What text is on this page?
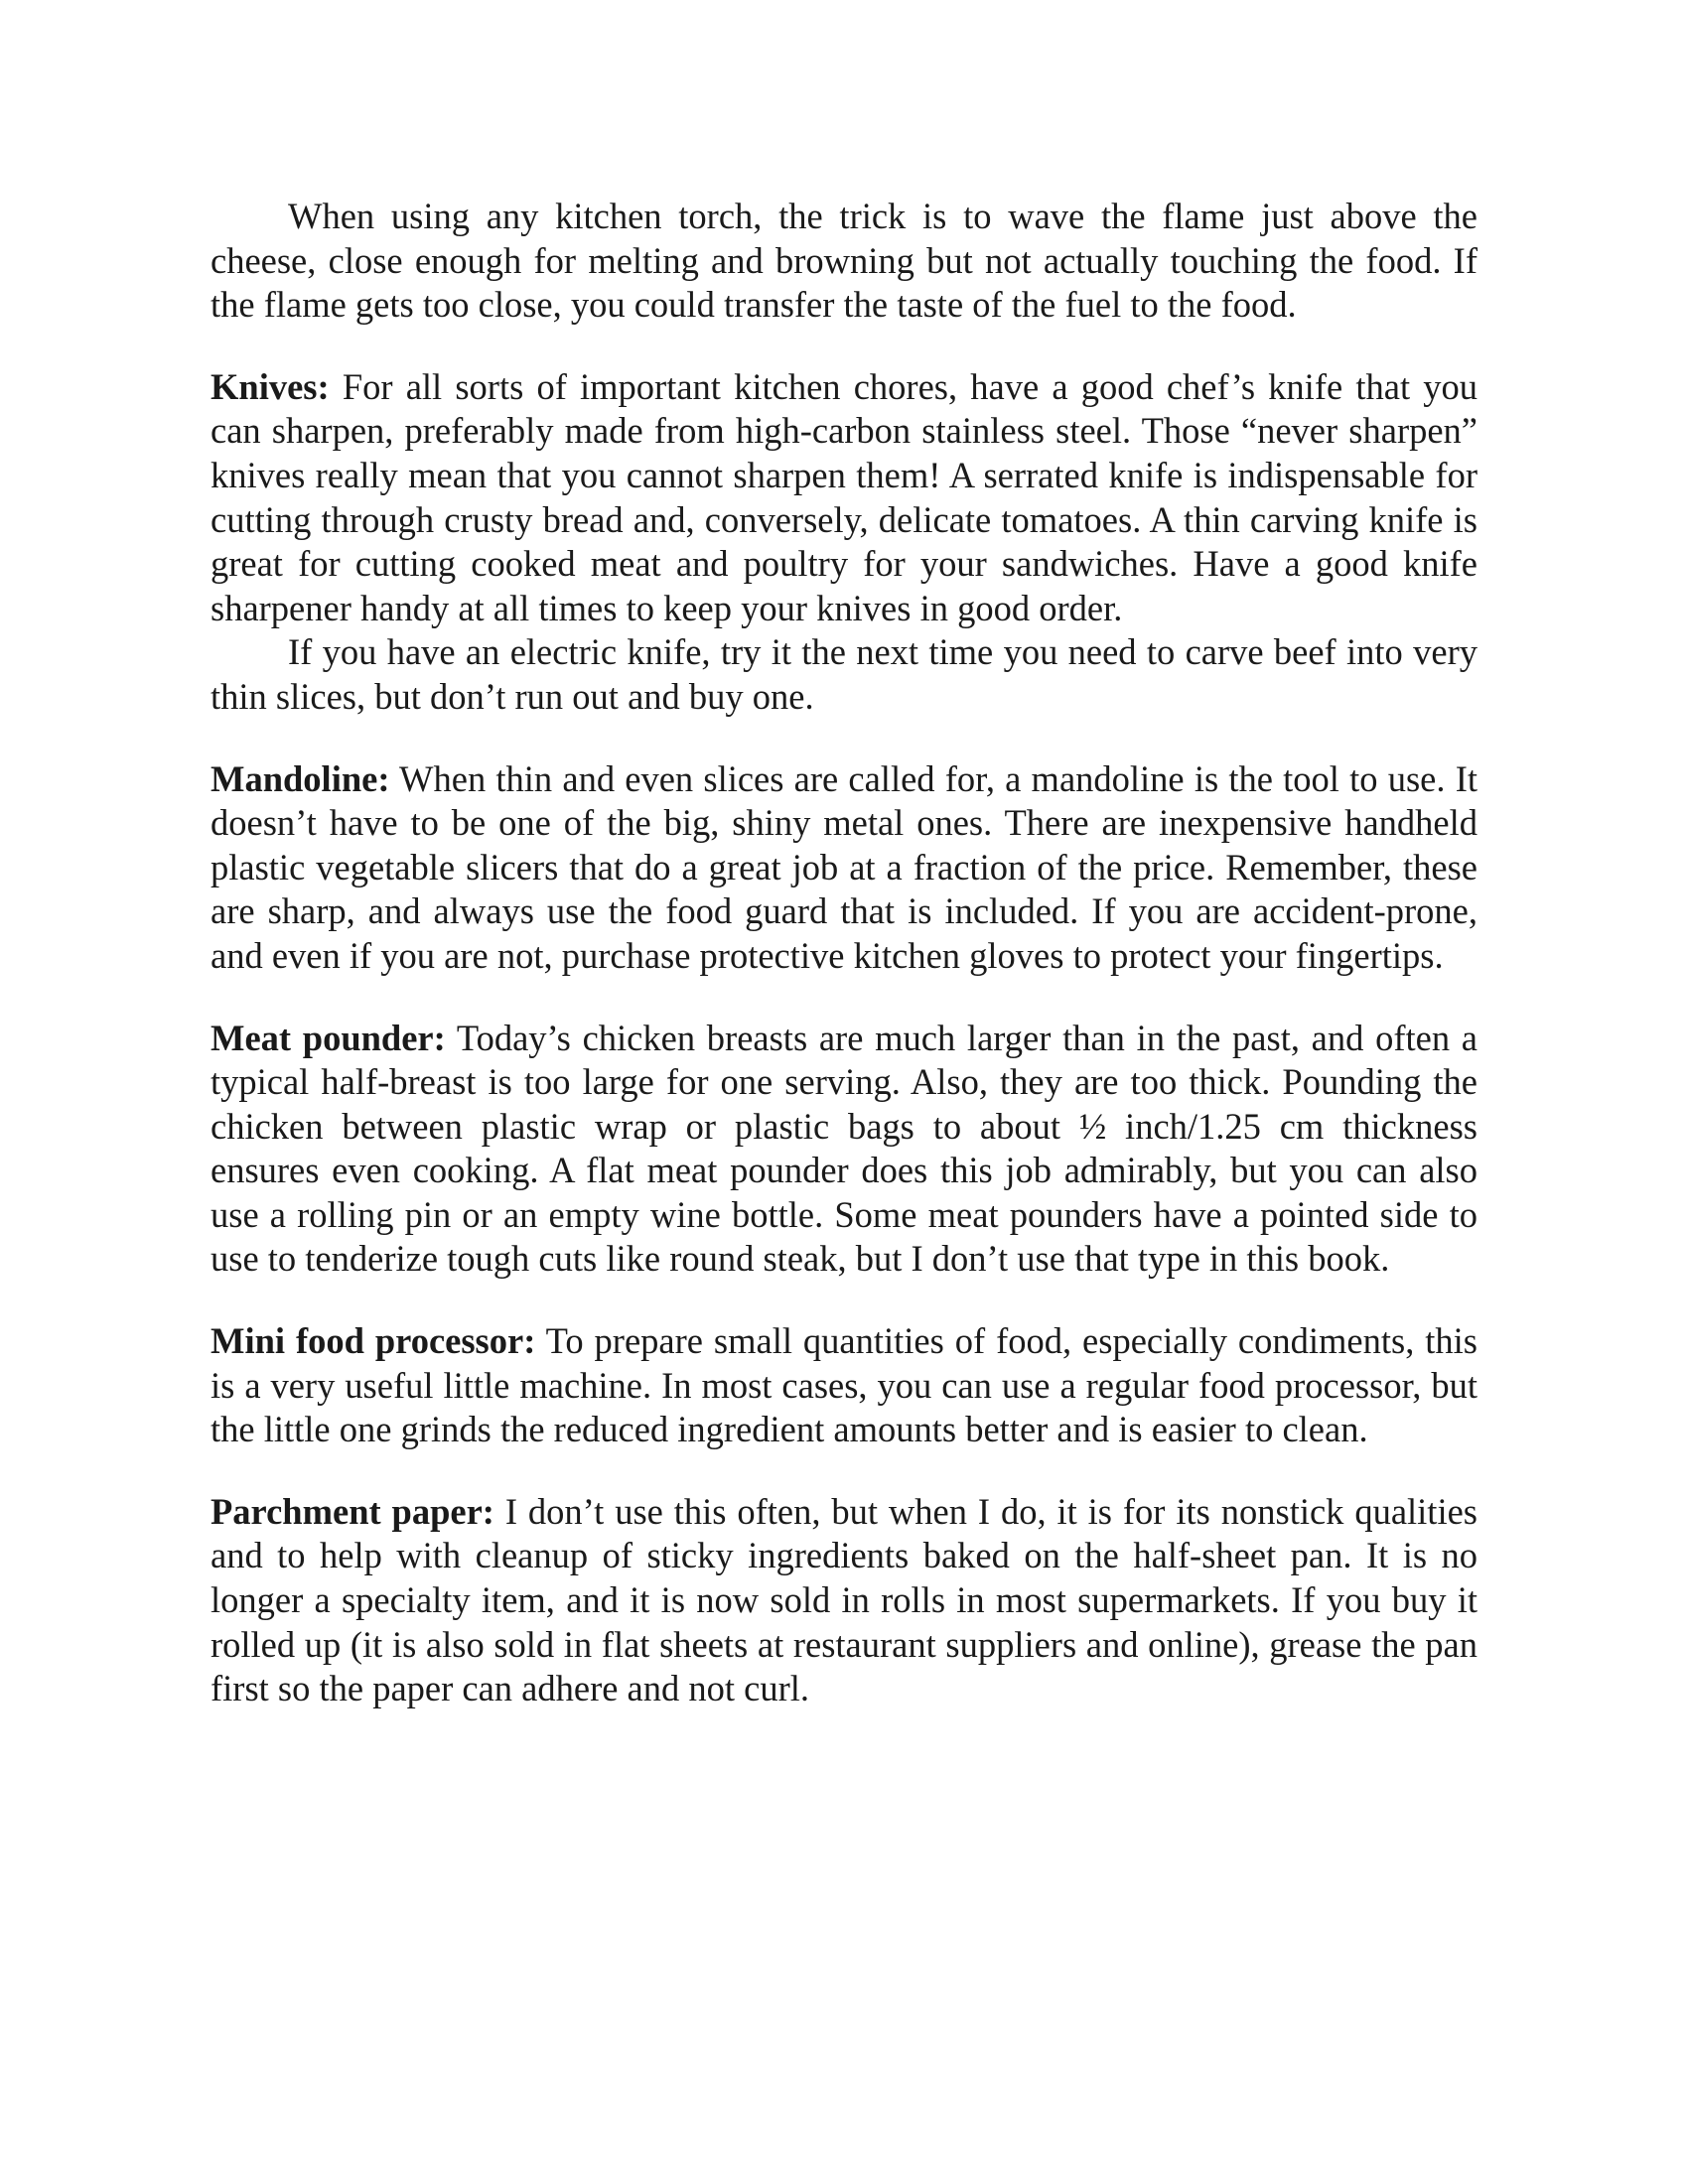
When using any kitchen torch, the trick is to wave the flame just above the cheese, close enough for melting and browning but not actually touching the food. If the flame gets too close, you could transfer the taste of the fuel to the food.

Knives: For all sorts of important kitchen chores, have a good chef’s knife that you can sharpen, preferably made from high-carbon stainless steel. Those “never sharpen” knives really mean that you cannot sharpen them! A serrated knife is indispensable for cutting through crusty bread and, conversely, delicate tomatoes. A thin carving knife is great for cutting cooked meat and poultry for your sandwiches. Have a good knife sharpener handy at all times to keep your knives in good order.

If you have an electric knife, try it the next time you need to carve beef into very thin slices, but don’t run out and buy one.

Mandoline: When thin and even slices are called for, a mandoline is the tool to use. It doesn’t have to be one of the big, shiny metal ones. There are inexpensive handheld plastic vegetable slicers that do a great job at a fraction of the price. Remember, these are sharp, and always use the food guard that is included. If you are accident-prone, and even if you are not, purchase protective kitchen gloves to protect your fingertips.

Meat pounder: Today’s chicken breasts are much larger than in the past, and often a typical half-breast is too large for one serving. Also, they are too thick. Pounding the chicken between plastic wrap or plastic bags to about ½ inch/1.25 cm thickness ensures even cooking. A flat meat pounder does this job admirably, but you can also use a rolling pin or an empty wine bottle. Some meat pounders have a pointed side to use to tenderize tough cuts like round steak, but I don’t use that type in this book.

Mini food processor: To prepare small quantities of food, especially condiments, this is a very useful little machine. In most cases, you can use a regular food processor, but the little one grinds the reduced ingredient amounts better and is easier to clean.

Parchment paper: I don’t use this often, but when I do, it is for its nonstick qualities and to help with cleanup of sticky ingredients baked on the half-sheet pan. It is no longer a specialty item, and it is now sold in rolls in most supermarkets. If you buy it rolled up (it is also sold in flat sheets at restaurant suppliers and online), grease the pan first so the paper can adhere and not curl.
